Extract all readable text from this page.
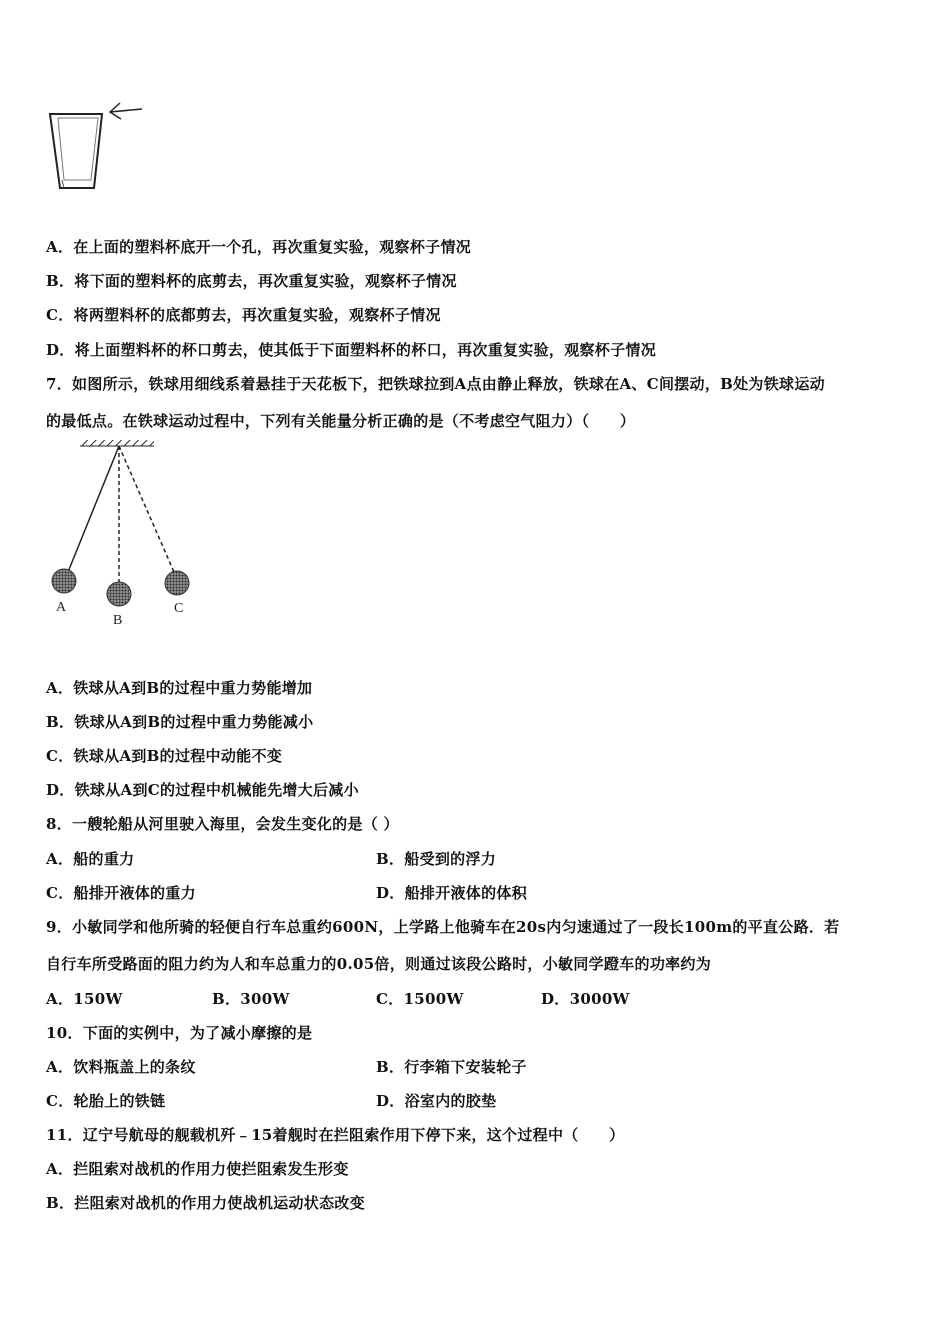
A．在上面的塑料杯底开一个孔，再次重复实验，观察杯子情况
B．将下面的塑料杯的底剪去，再次重复实验，观察杯子情况
C．将两塑料杯的底都剪去，再次重复实验，观察杯子情况
D．将上面塑料杯的杯口剪去，使其低于下面塑料杯的杯口，再次重复实验，观察杯子情况
7．如图所示，铁球用细线系着悬挂于天花板下，把铁球拉到A点由静止释放，铁球在A、C间摆动，B处为铁球运动
的最低点。在铁球运动过程中，下列有关能量分析正确的是（不考虑空气阻力）（　　）
A
B
C
A．铁球从A到B的过程中重力势能增加
B．铁球从A到B的过程中重力势能减小
C．铁球从A到B的过程中动能不变
D．铁球从A到C的过程中机械能先增大后减小
8．一艘轮船从河里驶入海里，会发生变化的是（ ）
A．船的重力	B．船受到的浮力
C．船排开液体的重力	D．船排开液体的体积
9．小敏同学和他所骑的轻便自行车总重约600N，上学路上他骑车在20s内匀速通过了一段长100m的平直公路．若
自行车所受路面的阻力约为人和车总重力的0.05倍，则通过该段公路时，小敏同学蹬车的功率约为
A．150W	B．300W	C．1500W	D．3000W
10．下面的实例中，为了减小摩擦的是
A．饮料瓶盖上的条纹	B．行李箱下安装轮子
C．轮胎上的铁链	D．浴室内的胶垫
11．辽宁号航母的舰载机歼﹣15着舰时在拦阻索作用下停下来，这个过程中（　　）
A．拦阻索对战机的作用力使拦阻索发生形变
B．拦阻索对战机的作用力使战机运动状态改变
